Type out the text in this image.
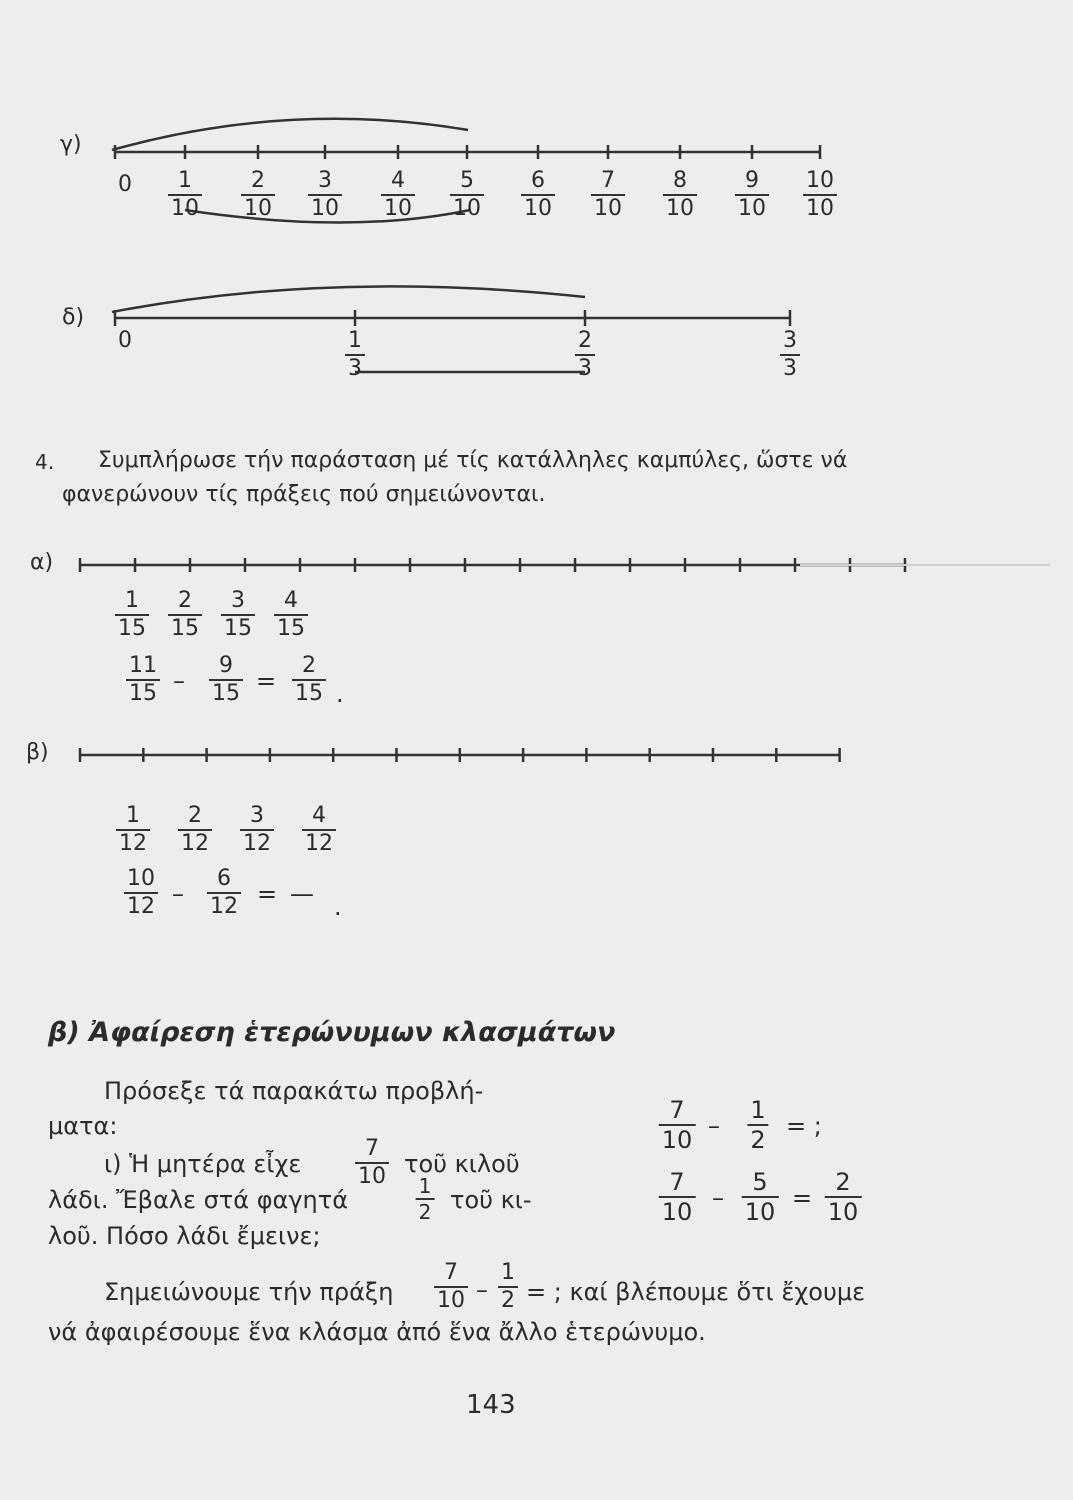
γ)
0 1
10
2
10
3
10
4
10
5
10
6
10
7
10
8
10
9
10
10
10
δ)
0	1
3
2
3
3
3
4. Συμπλήρωσε τήν παράσταση μέ τίς κατάλληλες καμπύλες, ὥστε νά
φανερώνουν τίς πράξεις πού σημειώνονται.
α)
1
15
2
15
3
15
4
15
11
15 –
9
15 =
2
15 .
β)
1
12
2
12
3
12
4
12
10
12 –
6
12 = — .
β) Ἀφαίρεση ἑτερώνυμων κλασμάτων
Πρόσεξε τά παρακάτω προβλή-
ματα:
ι) Ἡ μητέρα εἶχε
7
10 τοῦ κιλοῦ
λάδι. Ἔβαλε στά φαγητά	1
2 τοῦ κι-
λοῦ. Πόσο λάδι ἔμεινε;
7
10 –
1
2 = ;
7
10 –
5
10 =
2
10
Σημειώνουμε τήν πράξη
7
10 –
1
2 = ; καί βλέπουμε ὅτι ἔχουμε
νά ἀφαιρέσουμε ἕνα κλάσμα ἀπό ἕνα ἄλλο ἑτερώνυμο.
143
